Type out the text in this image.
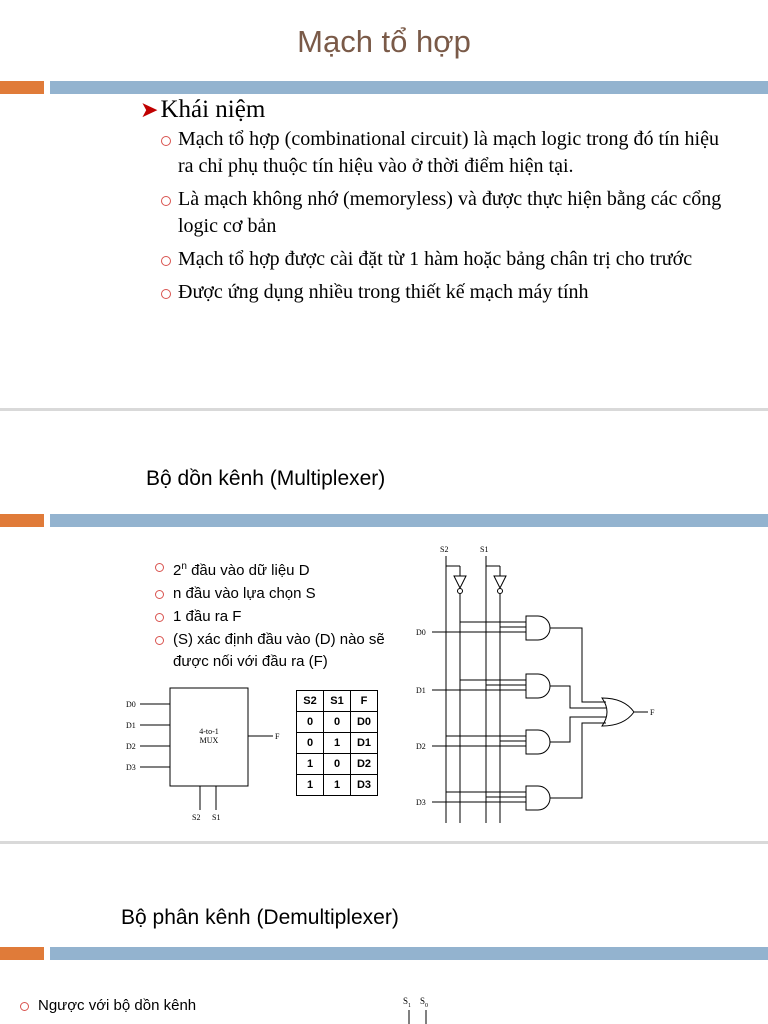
Mạch tổ hợp
➤Khái niệm
Mạch tổ hợp (combinational circuit) là mạch logic trong đó tín hiệu ra chỉ phụ thuộc tín hiệu vào ở thời điểm hiện tại.
Là mạch không nhớ (memoryless) và được thực hiện bằng các cổng logic cơ bản
Mạch tổ hợp được cài đặt từ 1 hàm hoặc bảng chân trị cho trước
Được ứng dụng nhiều trong thiết kế mạch máy tính
Bộ dồn kênh (Multiplexer)
2$^n$ đầu vào dữ liệu D
n đầu vào lựa chọn S
1 đầu ra F
(S) xác định đầu vào (D) nào sẽ được nối với đầu ra (F)
D0
D1
D2
D3
4-to-1
MUX	F
S2 S1
S2	S1	F
0	0	D0
0	1	D1
1	0	D2
1	1	D3
S2	S1
D0
D1
D2
D3
F
Bộ phân kênh (Demultiplexer)
Ngược với bộ dồn kênh	$S_1$ $S_0$
